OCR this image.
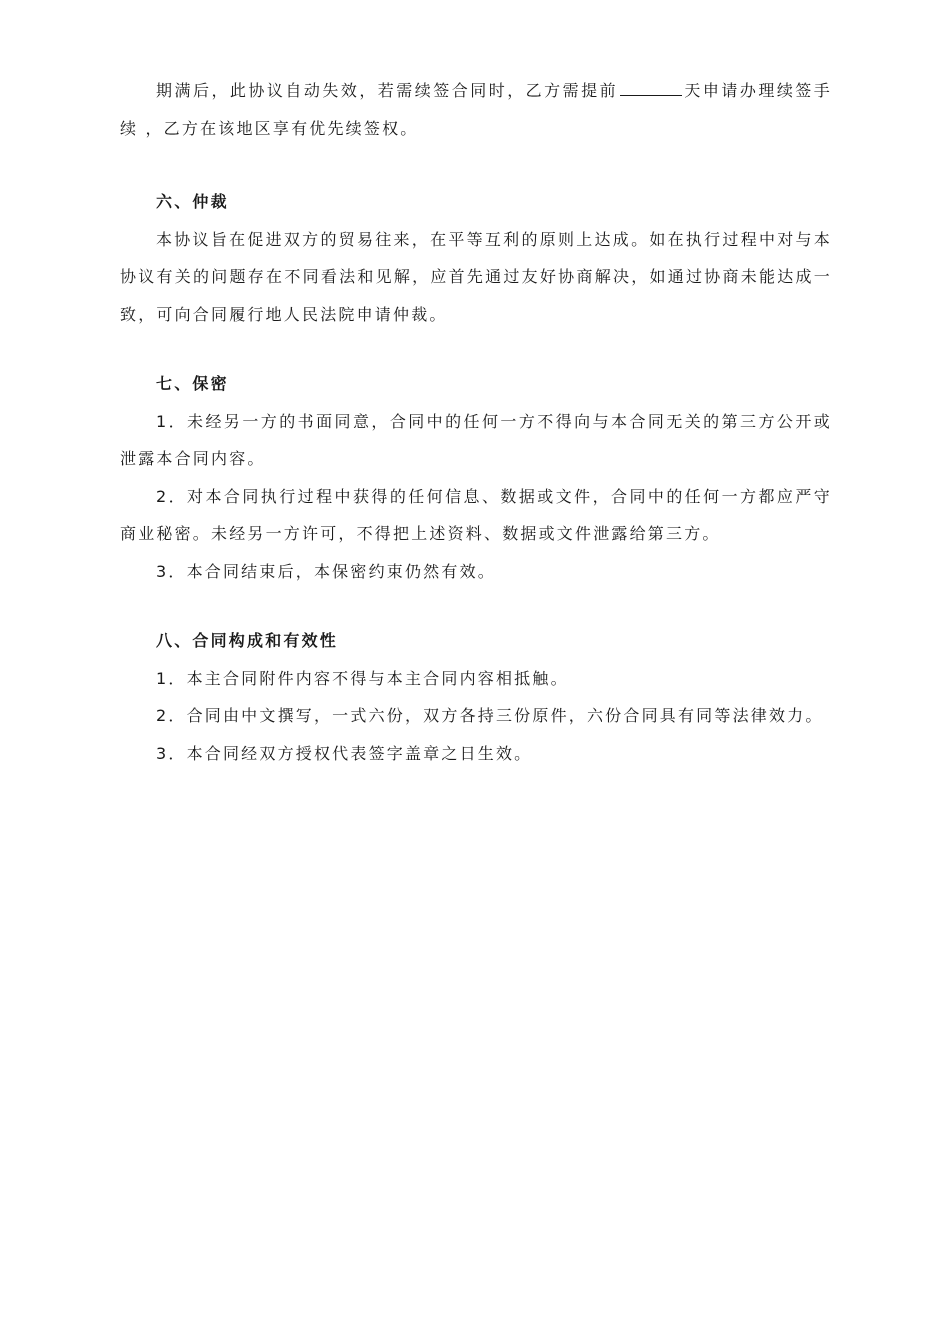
期满后，此协议自动失效，若需续签合同时，乙方需提前	天申请办理续签手续 ，乙方在该地区享有优先续签权。

六、仲裁

本协议旨在促进双方的贸易往来，在平等互利的原则上达成。如在执行过程中对与本协议有关的问题存在不同看法和见解，应首先通过友好协商解决，如通过协商未能达成一致，可向合同履行地人民法院申请仲裁。

七、保密

1．未经另一方的书面同意，合同中的任何一方不得向与本合同无关的第三方公开或泄露本合同内容。

2．对本合同执行过程中获得的任何信息、数据或文件，合同中的任何一方都应严守商业秘密。未经另一方许可，不得把上述资料、数据或文件泄露给第三方。

3．本合同结束后，本保密约束仍然有效。

八、合同构成和有效性

1．本主合同附件内容不得与本主合同内容相抵触。

2．合同由中文撰写，一式六份，双方各持三份原件，六份合同具有同等法律效力。

3．本合同经双方授权代表签字盖章之日生效。
